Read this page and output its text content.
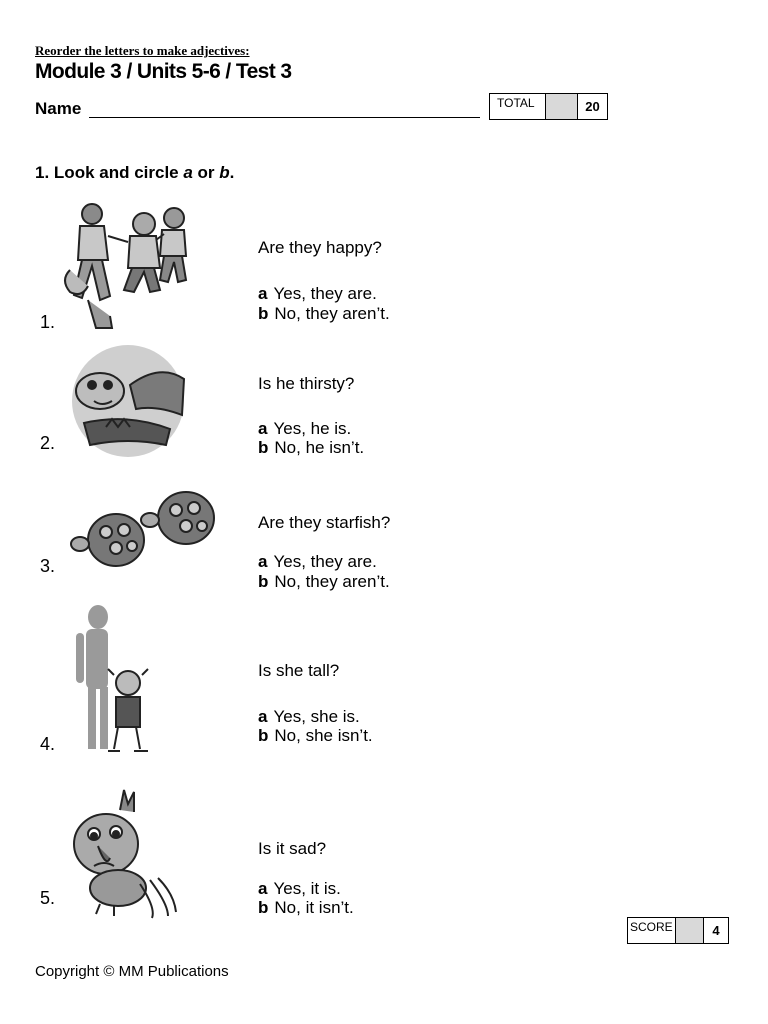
Reorder the letters to make adjectives:
Module 3 / Units 5-6 / Test 3
Name	TOTAL	20
1. Look and circle a or b.
1.
Are they happy?
a Yes, they are.
b No, they aren’t.
2.
Is he thirsty?
a Yes, he is.
b No, he isn’t.
3.
Are they starfish?
a Yes, they are.
b No, they aren’t.
4.
Is she tall?
a Yes, she is.
b No, she isn’t.
5.
Is it sad?
a Yes, it is.
b No, it isn’t.
SCORE	4
Copyright © MM Publications
